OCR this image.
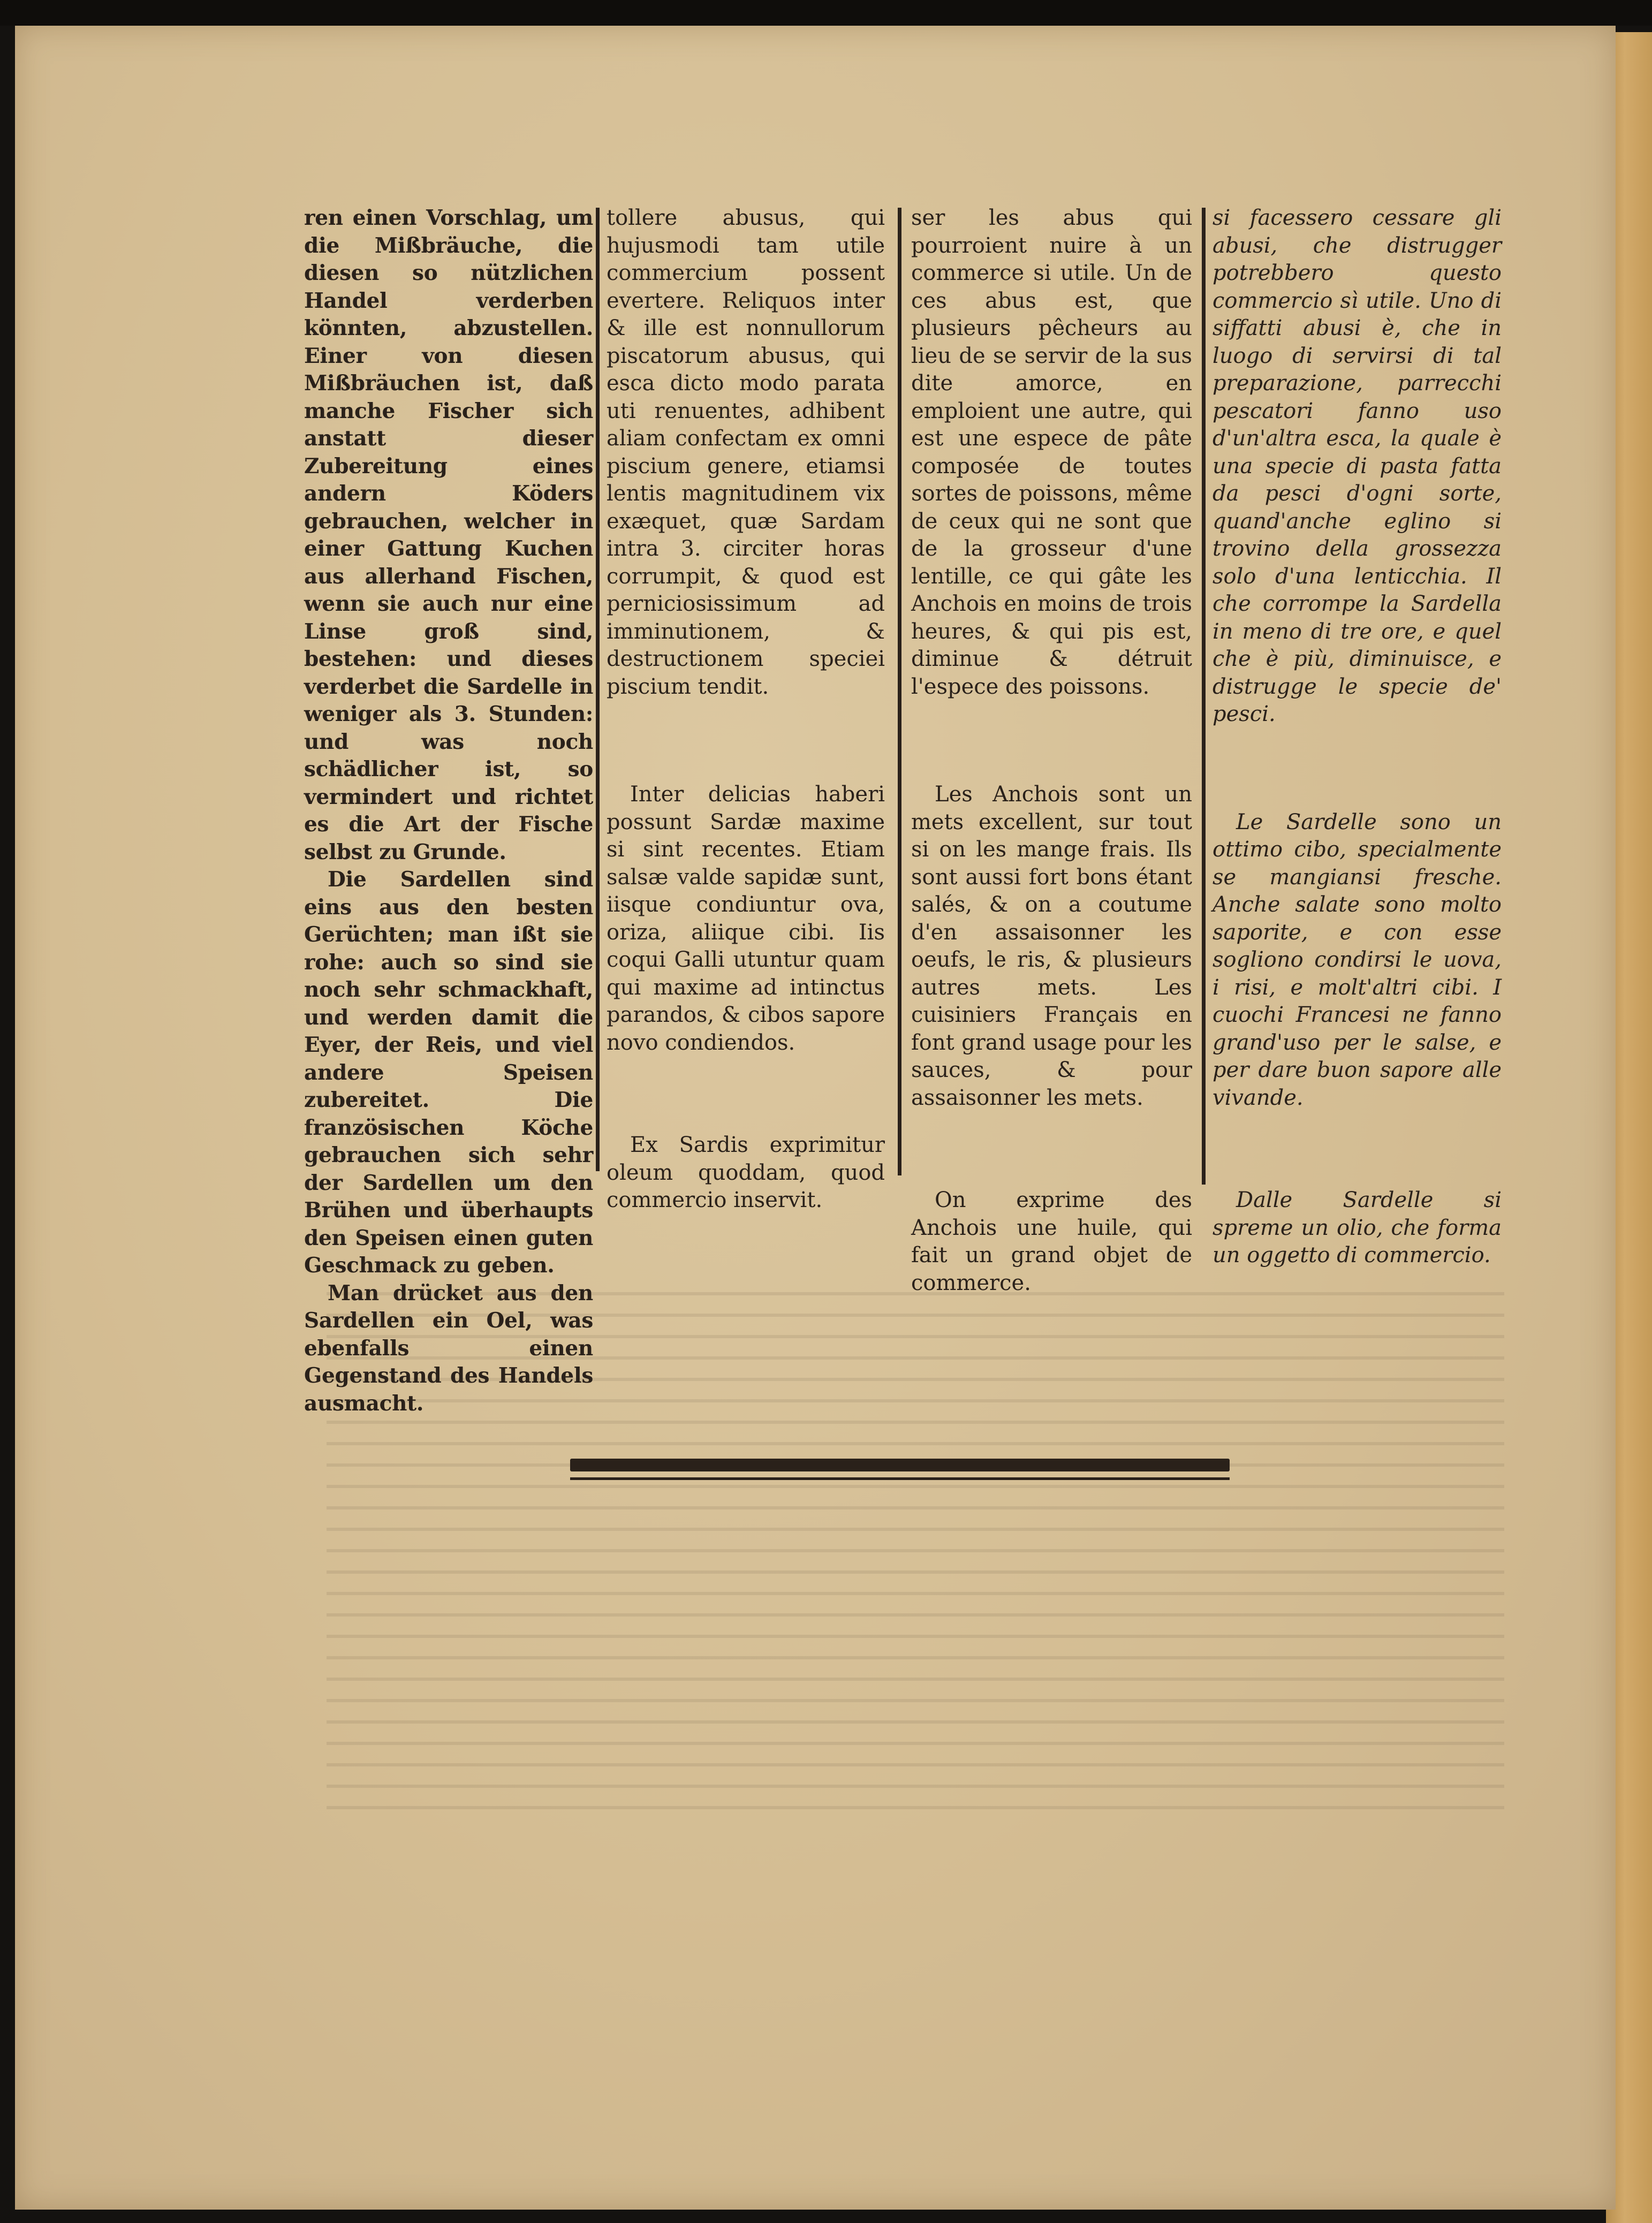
ren einen Vorschlag, um die Mißbräuche, die diesen so nützlichen Handel verderben könnten, abzustellen. Einer von diesen Mißbräuchen ist, daß manche Fischer sich anstatt dieser Zubereitung eines andern Köders gebrauchen, welcher in einer Gattung Kuchen aus allerhand Fischen, wenn sie auch nur eine Linse groß sind, bestehen: und dieses verderbet die Sardelle in weniger als 3. Stunden: und was noch schädlicher ist, so vermindert und richtet es die Art der Fische selbst zu Grunde.

Die Sardellen sind eins aus den besten Gerüchten; man ißt sie rohe: auch so sind sie noch sehr schmackhaft, und werden damit die Eyer, der Reis, und viel andere Speisen zubereitet. Die französischen Köche gebrauchen sich sehr der Sardellen um den Brühen und überhaupts den Speisen einen guten Geschmack zu geben.

Man drücket aus den Sardellen ein Oel, was ebenfalls einen Gegenstand des Handels ausmacht.

tollere abusus, qui hujusmodi tam utile commercium possent evertere. Reliquos inter & ille est nonnullorum piscatorum abusus, qui esca dicto modo parata uti renuentes, adhibent aliam confectam ex omni piscium genere, etiamsi lentis magnitudinem vix exæquet, quæ Sardam intra 3. circiter horas corrumpit, & quod est perniciosissimum ad imminutionem, & destructionem speciei piscium tendit.

Inter delicias haberi possunt Sardæ maxime si sint recentes. Etiam salsæ valde sapidæ sunt, iisque condiuntur ova, oriza, aliique cibi. Iis coqui Galli utuntur quam qui maxime ad intinctus parandos, & cibos sapore novo condiendos.

Ex Sardis exprimitur oleum quoddam, quod commercio inservit.

ser les abus qui pourroient nuire à un commerce si utile. Un de ces abus est, que plusieurs pêcheurs au lieu de se servir de la sus dite amorce, en emploient une autre, qui est une espece de pâte composée de toutes sortes de poissons, même de ceux qui ne sont que de la grosseur d'une lentille, ce qui gâte les Anchois en moins de trois heures, & qui pis est, diminue & détruit l'espece des poissons.

Les Anchois sont un mets excellent, sur tout si on les mange frais. Ils sont aussi fort bons étant salés, & on a coutume d'en assaisonner les oeufs, le ris, & plusieurs autres mets. Les cuisiniers Français en font grand usage pour les sauces, & pour assaisonner les mets.

On exprime des Anchois une huile, qui fait un grand objet de commerce.

si facessero cessare gli abusi, che distrugger potrebbero questo commercio sì utile. Uno di siffatti abusi è, che in luogo di servirsi di tal preparazione, parrecchi pescatori fanno uso d'un'altra esca, la quale è una specie di pasta fatta da pesci d'ogni sorte, quand'anche eglino si trovino della grossezza solo d'una lenticchia. Il che corrompe la Sardella in meno di tre ore, e quel che è più, diminuisce, e distrugge le specie de' pesci.

Le Sardelle sono un ottimo cibo, specialmente se mangiansi fresche. Anche salate sono molto saporite, e con esse sogliono condirsi le uova, i risi, e molt'altri cibi. I cuochi Francesi ne fanno grand'uso per le salse, e per dare buon sapore alle vivande.

Dalle Sardelle si spreme un olio, che forma un oggetto di commercio.
